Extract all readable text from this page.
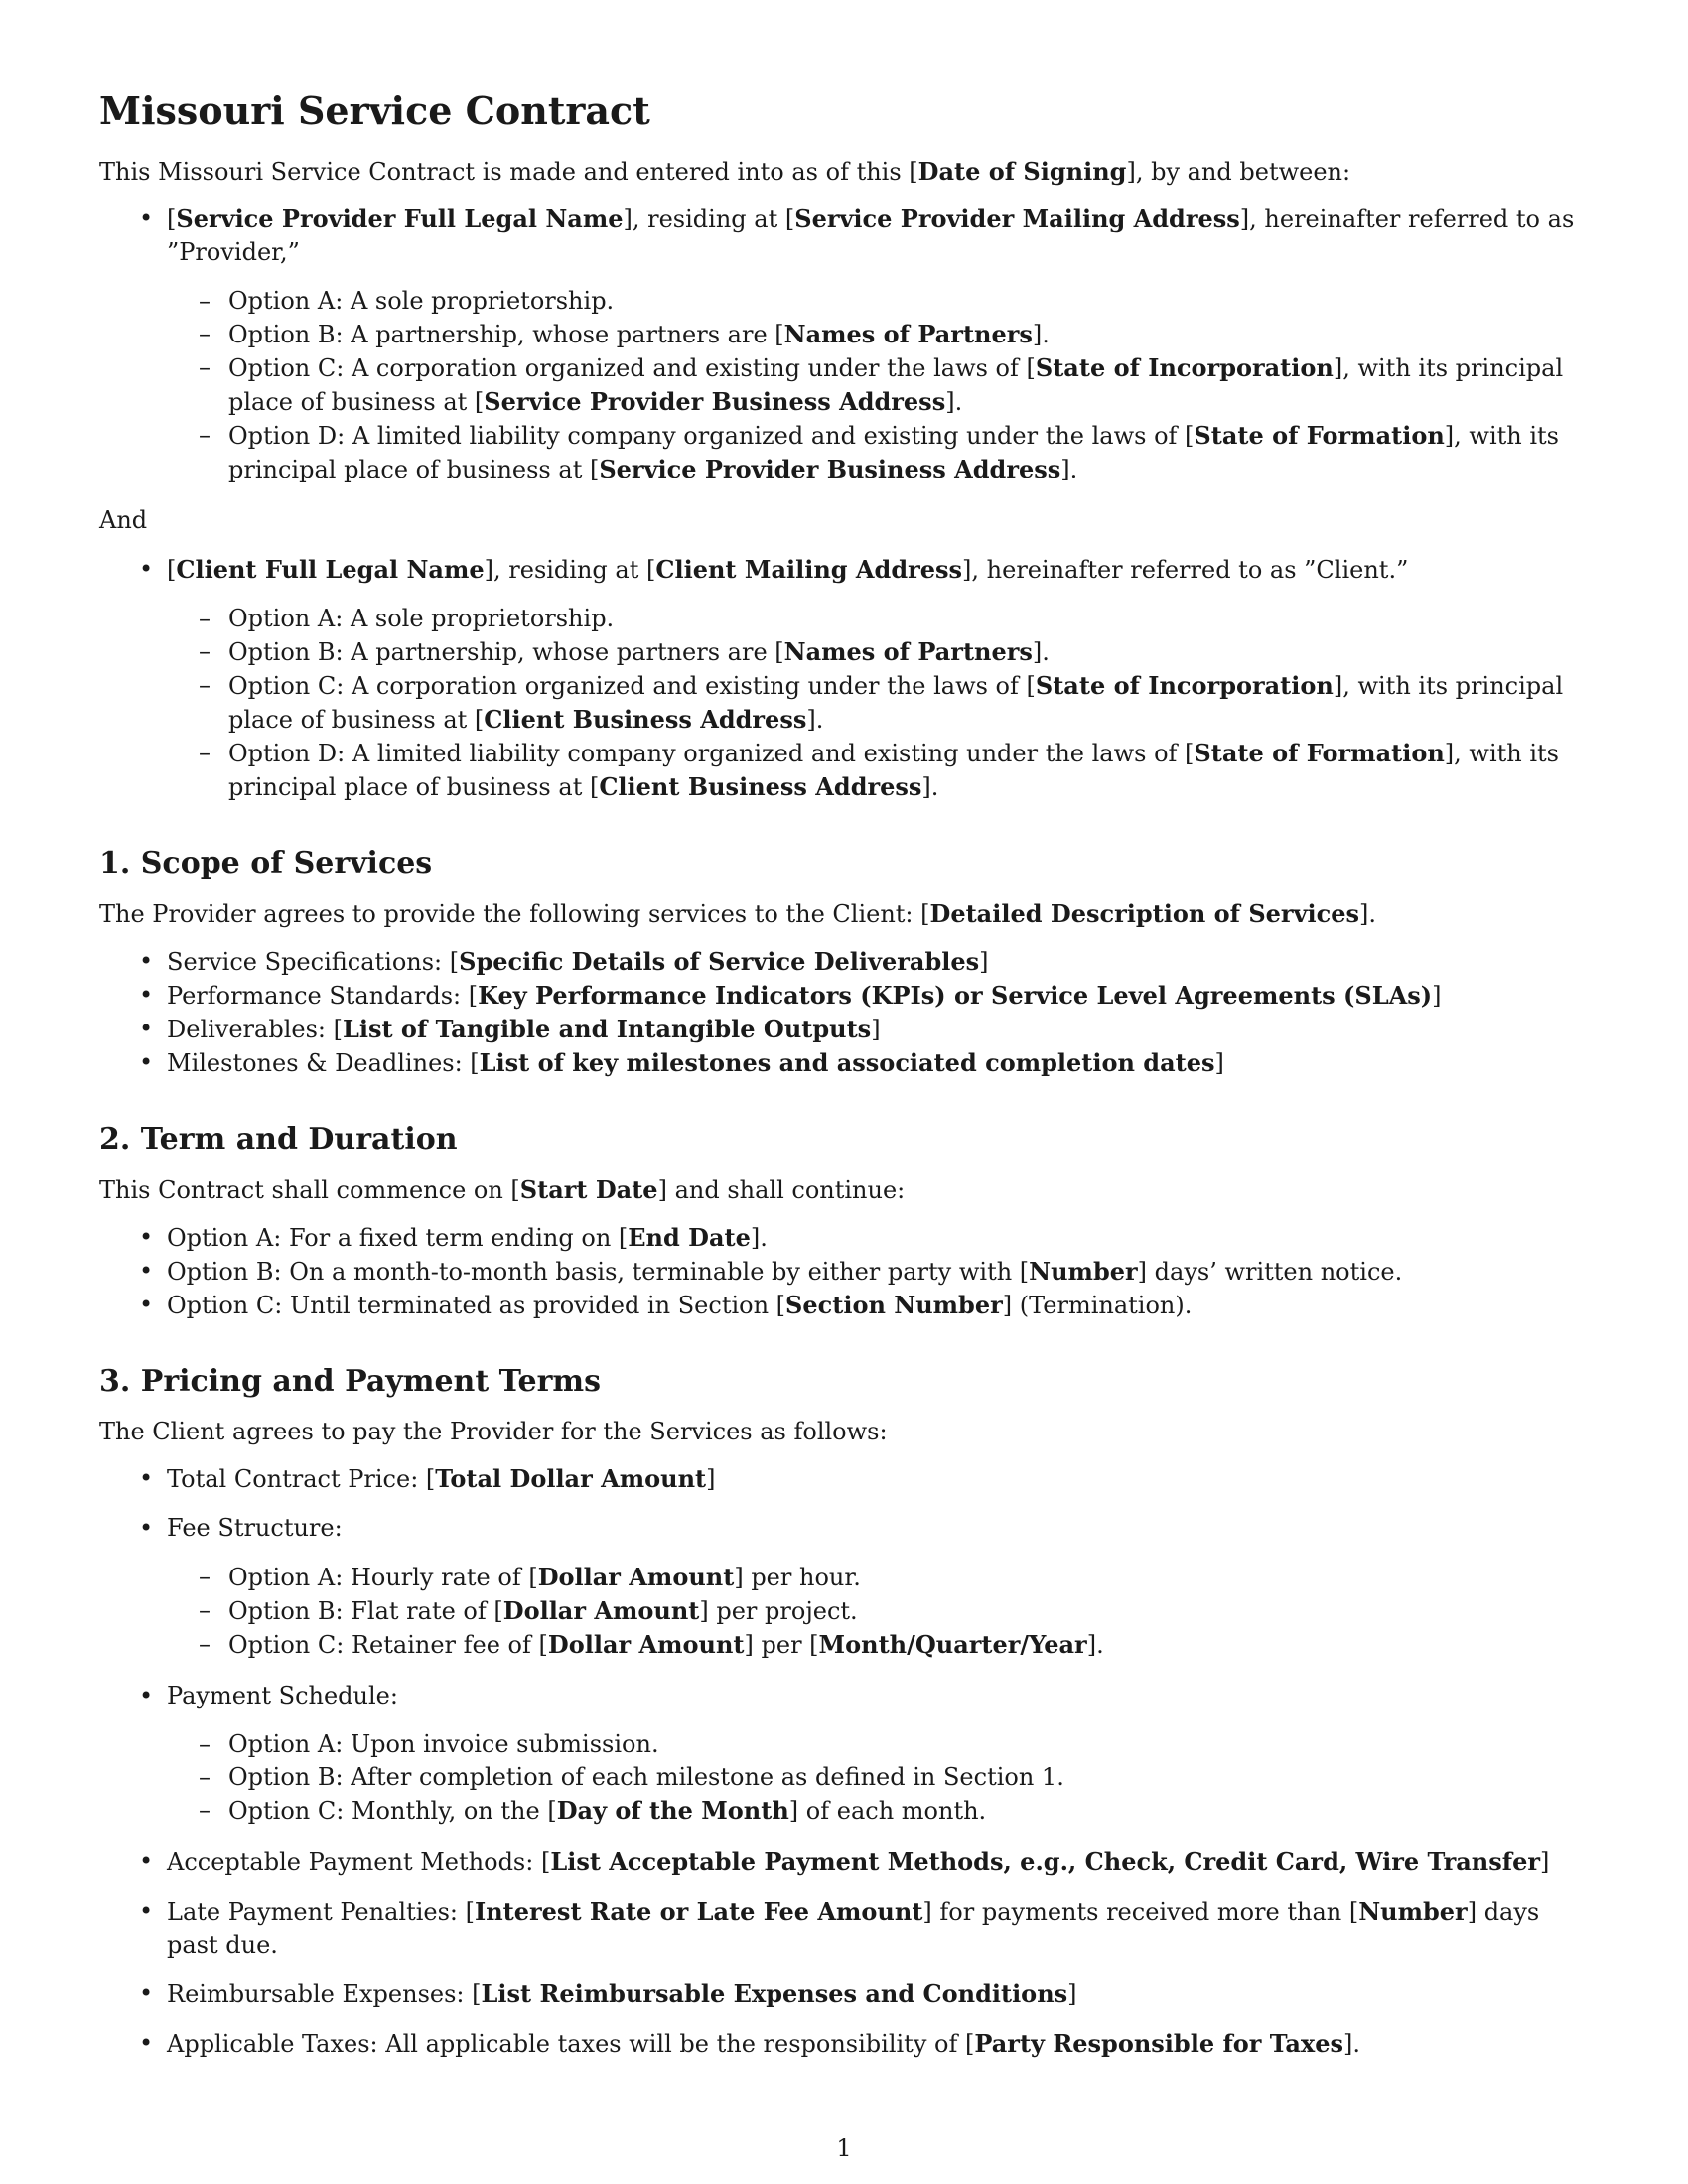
Missouri Service Contract

This Missouri Service Contract is made and entered into as of this [Date of Signing], by and between:

• [Service Provider Full Legal Name], residing at [Service Provider Mailing Address], hereinafter referred to as ”Provider,”
– Option A: A sole proprietorship.
– Option B: A partnership, whose partners are [Names of Partners].
– Option C: A corporation organized and existing under the laws of [State of Incorporation], with its principal place of business at [Service Provider Business Address].
– Option D: A limited liability company organized and existing under the laws of [State of Formation], with its principal place of business at [Service Provider Business Address].

And

• [Client Full Legal Name], residing at [Client Mailing Address], hereinafter referred to as ”Client.”
– Option A: A sole proprietorship.
– Option B: A partnership, whose partners are [Names of Partners].
– Option C: A corporation organized and existing under the laws of [State of Incorporation], with its principal place of business at [Client Business Address].
– Option D: A limited liability company organized and existing under the laws of [State of Formation], with its principal place of business at [Client Business Address].
1. Scope of Services

The Provider agrees to provide the following services to the Client: [Detailed Description of Services].

• Service Specifications: [Specific Details of Service Deliverables]
• Performance Standards: [Key Performance Indicators (KPIs) or Service Level Agreements (SLAs)]
• Deliverables: [List of Tangible and Intangible Outputs]
• Milestones & Deadlines: [List of key milestones and associated completion dates]
2. Term and Duration

This Contract shall commence on [Start Date] and shall continue:

• Option A: For a fixed term ending on [End Date].
• Option B: On a month-to-month basis, terminable by either party with [Number] days’ written notice.
• Option C: Until terminated as provided in Section [Section Number] (Termination).
3. Pricing and Payment Terms

The Client agrees to pay the Provider for the Services as follows:

• Total Contract Price: [Total Dollar Amount]
• Fee Structure:
– Option A: Hourly rate of [Dollar Amount] per hour.
– Option B: Flat rate of [Dollar Amount] per project.
– Option C: Retainer fee of [Dollar Amount] per [Month/Quarter/Year].
• Payment Schedule:
– Option A: Upon invoice submission.
– Option B: After completion of each milestone as defined in Section 1.
– Option C: Monthly, on the [Day of the Month] of each month.
• Acceptable Payment Methods: [List Acceptable Payment Methods, e.g., Check, Credit Card, Wire Transfer]
• Late Payment Penalties: [Interest Rate or Late Fee Amount] for payments received more than [Number] days past due.
• Reimbursable Expenses: [List Reimbursable Expenses and Conditions]
• Applicable Taxes: All applicable taxes will be the responsibility of [Party Responsible for Taxes].
1
